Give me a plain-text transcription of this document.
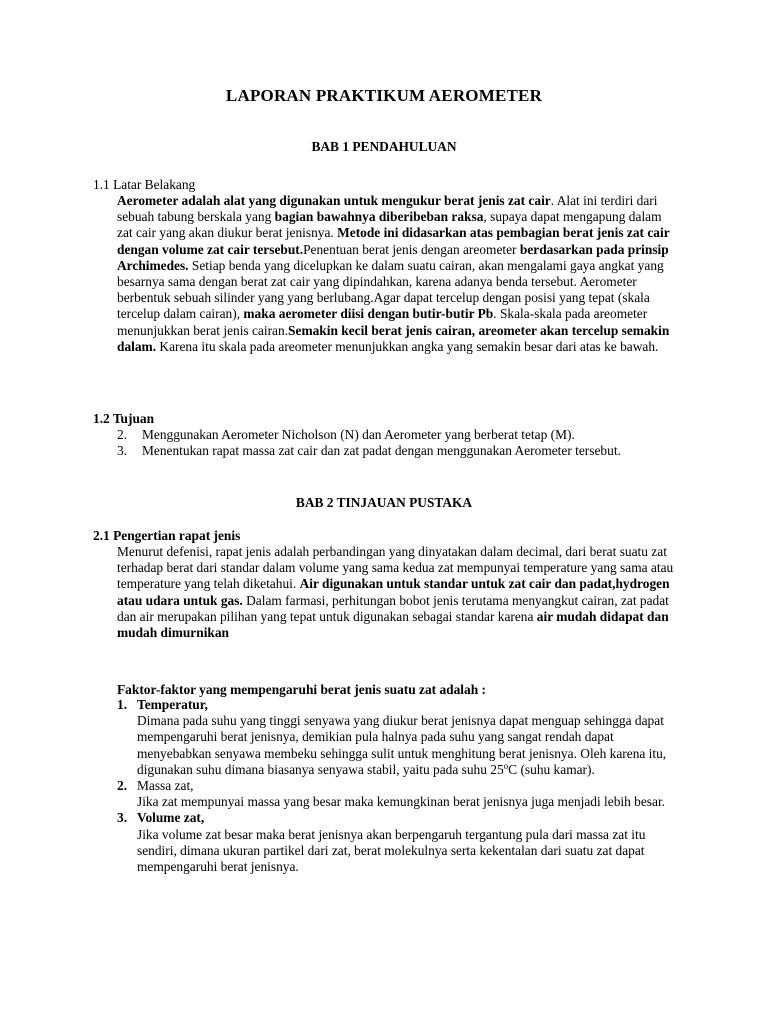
LAPORAN PRAKTIKUM AEROMETER
BAB 1 PENDAHULUAN
1.1 Latar Belakang
Aerometer adalah alat yang digunakan untuk mengukur berat jenis zat cair. Alat ini terdiri dari sebuah tabung berskala yang bagian bawahnya diberibeban raksa, supaya dapat mengapung dalam zat cair yang akan diukur berat jenisnya. Metode ini didasarkan atas pembagian berat jenis zat cair dengan volume zat cair tersebut.Penentuan berat jenis dengan areometer berdasarkan pada prinsip Archimedes. Setiap benda yang dicelupkan ke dalam suatu cairan, akan mengalami gaya angkat yang besarnya sama dengan berat zat cair yang dipindahkan, karena adanya benda tersebut. Aerometer berbentuk sebuah silinder yang yang berlubang.Agar dapat tercelup dengan posisi yang tepat (skala tercelup dalam cairan), maka aerometer diisi dengan butir-butir Pb. Skala-skala pada areometer menunjukkan berat jenis cairan.Semakin kecil berat jenis cairan, areometer akan tercelup semakin dalam. Karena itu skala pada areometer menunjukkan angka yang semakin besar dari atas ke bawah.
1.2 Tujuan
2. Menggunakan Aerometer Nicholson (N) dan Aerometer yang berberat tetap (M).
3. Menentukan rapat massa zat cair dan zat padat dengan menggunakan Aerometer tersebut.
BAB 2 TINJAUAN PUSTAKA
2.1 Pengertian rapat jenis
Menurut defenisi, rapat jenis adalah perbandingan yang dinyatakan dalam decimal, dari berat suatu zat terhadap berat dari standar dalam volume yang sama kedua zat mempunyai temperature yang sama atau temperature yang telah diketahui. Air digunakan untuk standar untuk zat cair dan padat,hydrogen atau udara untuk gas. Dalam farmasi, perhitungan bobot jenis terutama menyangkut cairan, zat padat dan air merupakan pilihan yang tepat untuk digunakan sebagai standar karena air mudah didapat dan mudah dimurnikan
Faktor-faktor yang mempengaruhi berat jenis suatu zat adalah :
1. Temperatur,
Dimana pada suhu yang tinggi senyawa yang diukur berat jenisnya dapat menguap sehingga dapat mempengaruhi berat jenisnya, demikian pula halnya pada suhu yang sangat rendah dapat menyebabkan senyawa membeku sehingga sulit untuk menghitung berat jenisnya. Oleh karena itu, digunakan suhu dimana biasanya senyawa stabil, yaitu pada suhu 25$^o$C (suhu kamar).
2. Massa zat,
Jika zat mempunyai massa yang besar maka kemungkinan berat jenisnya juga menjadi lebih besar.
3. Volume zat,
Jika volume zat besar maka berat jenisnya akan berpengaruh tergantung pula dari massa zat itu sendiri, dimana ukuran partikel dari zat, berat molekulnya serta kekentalan dari suatu zat dapat mempengaruhi berat jenisnya.
